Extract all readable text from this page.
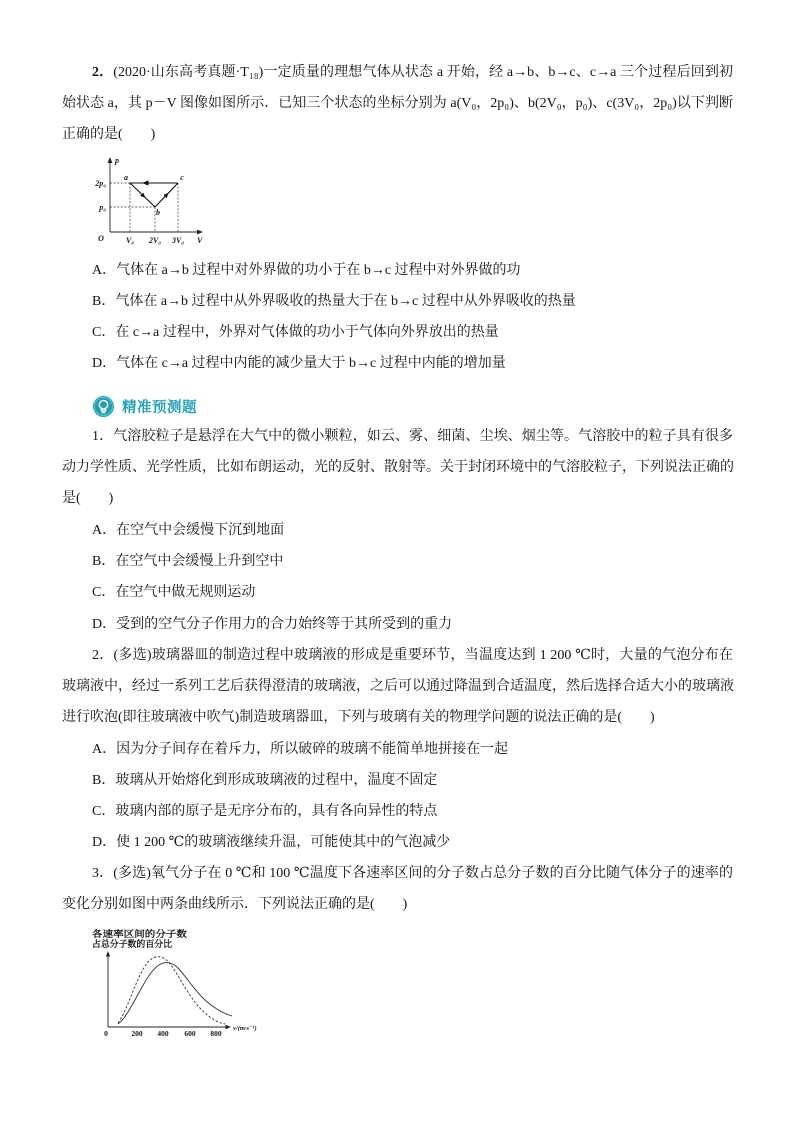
2．(2020·山东高考真题·T₁₈)一定质量的理想气体从状态 a 开始，经 a→b、b→c、c→a 三个过程后回到初
始状态 a，其 p－V 图像如图所示．已知三个状态的坐标分别为 a(V₀，2p₀)、b(2V₀，p₀)、c(3V₀，2p₀)以下判断
正确的是(　　)
p
V
O
2p₀
p₀
V₀ 2V₀ 3V₀
a
b
c
A．气体在 a→b 过程中对外界做的功小于在 b→c 过程中对外界做的功
B．气体在 a→b 过程中从外界吸收的热量大于在 b→c 过程中从外界吸收的热量
C．在 c→a 过程中，外界对气体做的功小于气体向外界放出的热量
D．气体在 c→a 过程中内能的减少量大于 b→c 过程中内能的增加量
精准预测题
1．气溶胶粒子是悬浮在大气中的微小颗粒，如云、雾、细菌、尘埃、烟尘等。气溶胶中的粒子具有很多
动力学性质、光学性质，比如布朗运动，光的反射、散射等。关于封闭环境中的气溶胶粒子，下列说法正确的
是(　　)
A．在空气中会缓慢下沉到地面
B．在空气中会缓慢上升到空中
C．在空气中做无规则运动
D．受到的空气分子作用力的合力始终等于其所受到的重力
2．(多选)玻璃器皿的制造过程中玻璃液的形成是重要环节，当温度达到 1 200 ℃时，大量的气泡分布在
玻璃液中，经过一系列工艺后获得澄清的玻璃液，之后可以通过降温到合适温度，然后选择合适大小的玻璃液
进行吹泡(即往玻璃液中吹气)制造玻璃器皿，下列与玻璃有关的物理学问题的说法正确的是(　　)
A．因为分子间存在着斥力，所以破碎的玻璃不能简单地拼接在一起
B．玻璃从开始熔化到形成玻璃液的过程中，温度不固定
C．玻璃内部的原子是无序分布的，具有各向异性的特点
D．使 1 200 ℃的玻璃液继续升温，可能使其中的气泡减少
3．(多选)氧气分子在 0 ℃和 100 ℃温度下各速率区间的分子数占总分子数的百分比随气体分子的速率的
变化分别如图中两条曲线所示．下列说法正确的是(　　)
各速率区间的分子数
占总分子数的百分比
0	200 400 600 800
v/(m·s⁻¹)
